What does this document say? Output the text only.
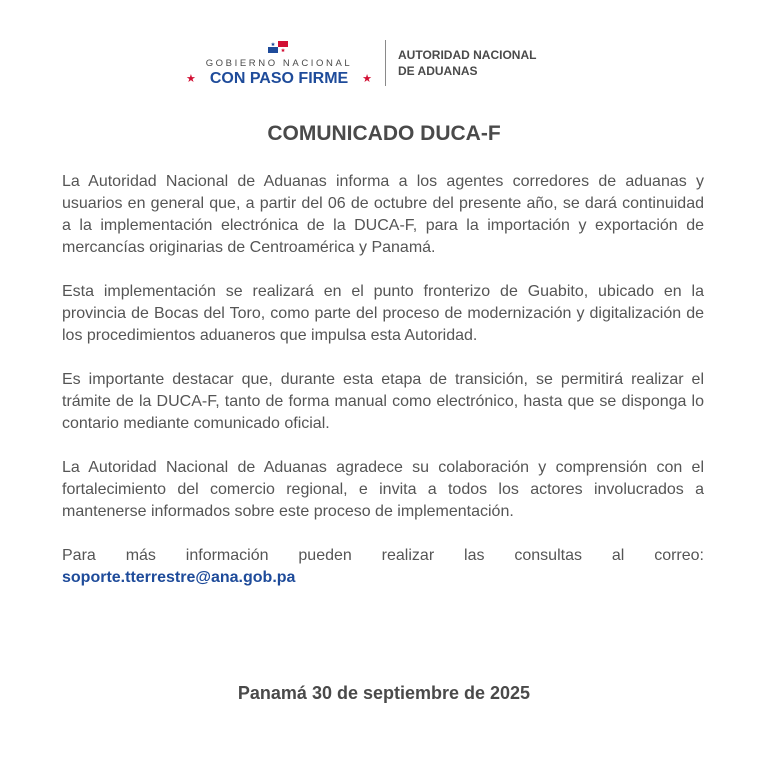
GOBIERNO NACIONAL
★ CON PASO FIRME	★
AUTORIDAD NACIONAL
DE ADUANAS
COMUNICADO DUCA-F

La Autoridad Nacional de Aduanas informa a los agentes corredores de aduanas y usuarios en general que, a partir del 06 de octubre del presente año, se dará continuidad a la implementación electrónica de la DUCA-F, para la importación y exportación de mercancías originarias de Centroamérica y Panamá.

Esta implementación se realizará en el punto fronterizo de Guabito, ubicado en la provincia de Bocas del Toro, como parte del proceso de modernización y digitalización de los procedimientos aduaneros que impulsa esta Autoridad.

Es importante destacar que, durante esta etapa de transición, se permitirá realizar el trámite de la DUCA-F, tanto de forma manual como electrónico, hasta que se disponga lo contario mediante comunicado oficial.

La Autoridad Nacional de Aduanas agradece su colaboración y comprensión con el fortalecimiento del comercio regional, e invita a todos los actores involucrados a mantenerse informados sobre este proceso de implementación.

Para más información pueden realizar las consultas al correo:

soporte.tterrestre@ana.gob.pa
Panamá 30 de septiembre de 2025
